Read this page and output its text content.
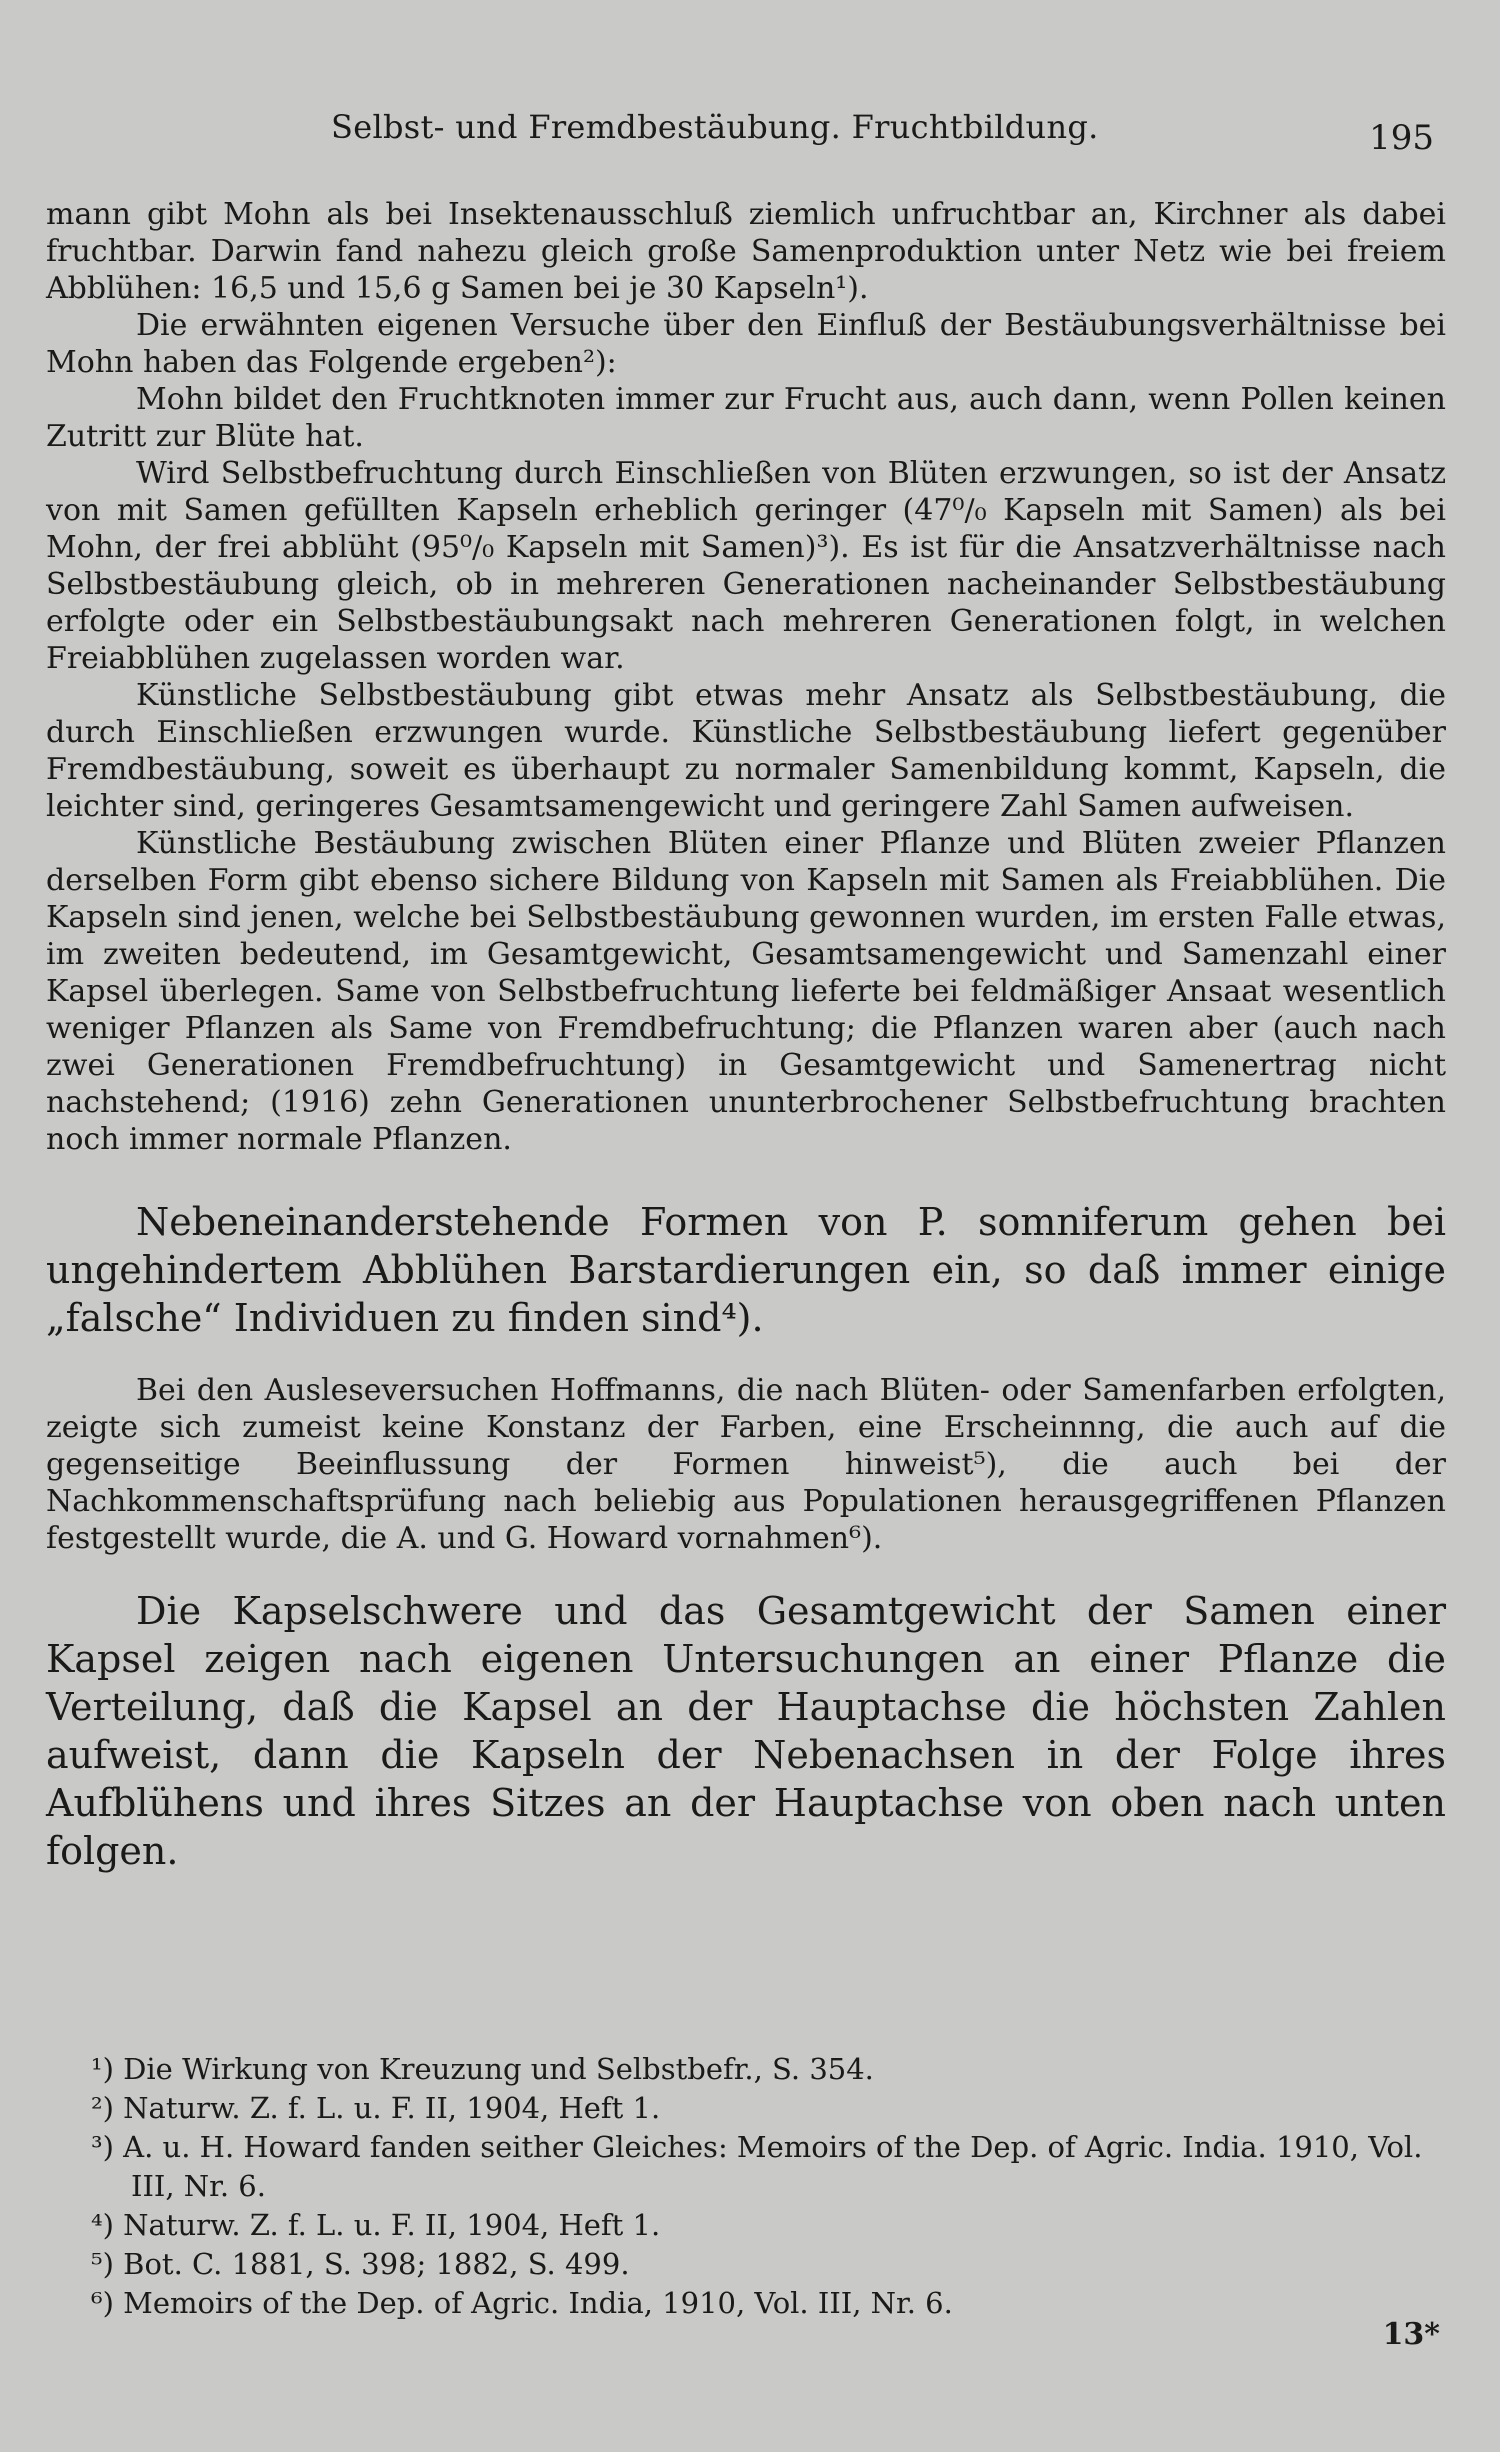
Selbst- und Fremdbestäubung. Fruchtbildung.	195

mann gibt Mohn als bei Insektenausschluß ziemlich unfruchtbar an, Kirchner als dabei fruchtbar. Darwin fand nahezu gleich große Samenproduktion unter Netz wie bei freiem Abblühen: 16,5 und 15,6 g Samen bei je 30 Kapseln¹).

Die erwähnten eigenen Versuche über den Einfluß der Bestäubungsverhältnisse bei Mohn haben das Folgende ergeben²):

Mohn bildet den Fruchtknoten immer zur Frucht aus, auch dann, wenn Pollen keinen Zutritt zur Blüte hat.

Wird Selbstbefruchtung durch Einschließen von Blüten erzwungen, so ist der Ansatz von mit Samen gefüllten Kapseln erheblich geringer (47⁰/₀ Kapseln mit Samen) als bei Mohn, der frei abblüht (95⁰/₀ Kapseln mit Samen)³). Es ist für die Ansatzverhältnisse nach Selbstbestäubung gleich, ob in mehreren Generationen nacheinander Selbstbestäubung erfolgte oder ein Selbstbestäubungsakt nach mehreren Generationen folgt, in welchen Freiabblühen zugelassen worden war.

Künstliche Selbstbestäubung gibt etwas mehr Ansatz als Selbstbestäubung, die durch Einschließen erzwungen wurde. Künstliche Selbstbestäubung liefert gegenüber Fremdbestäubung, soweit es überhaupt zu normaler Samenbildung kommt, Kapseln, die leichter sind, geringeres Gesamtsamengewicht und geringere Zahl Samen aufweisen.

Künstliche Bestäubung zwischen Blüten einer Pflanze und Blüten zweier Pflanzen derselben Form gibt ebenso sichere Bildung von Kapseln mit Samen als Freiabblühen. Die Kapseln sind jenen, welche bei Selbstbestäubung gewonnen wurden, im ersten Falle etwas, im zweiten bedeutend, im Gesamtgewicht, Gesamtsamengewicht und Samenzahl einer Kapsel überlegen. Same von Selbstbefruchtung lieferte bei feldmäßiger Ansaat wesentlich weniger Pflanzen als Same von Fremdbefruchtung; die Pflanzen waren aber (auch nach zwei Generationen Fremdbefruchtung) in Gesamtgewicht und Samenertrag nicht nachstehend; (1916) zehn Generationen ununterbrochener Selbstbefruchtung brachten noch immer normale Pflanzen.

Nebeneinanderstehende Formen von P. somniferum gehen bei ungehindertem Abblühen Barstardierungen ein, so daß immer einige „falsche“ Individuen zu finden sind⁴).

Bei den Ausleseversuchen Hoffmanns, die nach Blüten- oder Samenfarben erfolgten, zeigte sich zumeist keine Konstanz der Farben, eine Erscheinnng, die auch auf die gegenseitige Beeinflussung der Formen hinweist⁵), die auch bei der Nachkommenschaftsprüfung nach beliebig aus Populationen herausgegriffenen Pflanzen festgestellt wurde, die A. und G. Howard vornahmen⁶).

Die Kapselschwere und das Gesamtgewicht der Samen einer Kapsel zeigen nach eigenen Untersuchungen an einer Pflanze die Verteilung, daß die Kapsel an der Hauptachse die höchsten Zahlen aufweist, dann die Kapseln der Nebenachsen in der Folge ihres Aufblühens und ihres Sitzes an der Hauptachse von oben nach unten folgen.

¹) Die Wirkung von Kreuzung und Selbstbefr., S. 354.

²) Naturw. Z. f. L. u. F. II, 1904, Heft 1.

³) A. u. H. Howard fanden seither Gleiches: Memoirs of the Dep. of Agric. India. 1910, Vol. III, Nr. 6.

⁴) Naturw. Z. f. L. u. F. II, 1904, Heft 1.

⁵) Bot. C. 1881, S. 398; 1882, S. 499.

⁶) Memoirs of the Dep. of Agric. India, 1910, Vol. III, Nr. 6.

13*
